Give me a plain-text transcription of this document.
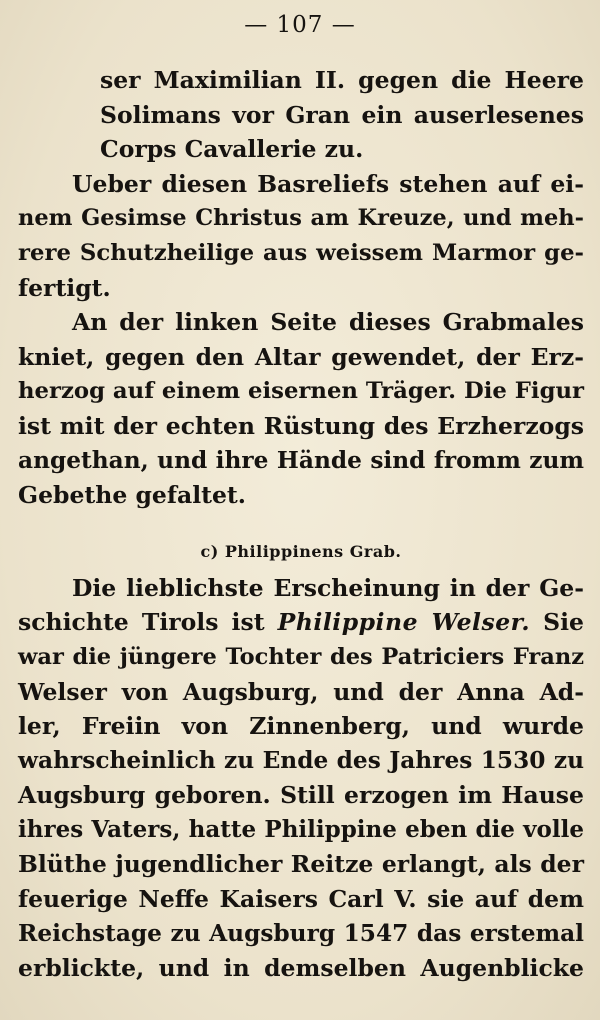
— 107 —
ser Maximilian II. gegen die Heere
Solimans vor Gran ein auserlesenes
Corps Cavallerie zu.
Ueber diesen Basreliefs stehen auf ei-
nem Gesimse Christus am Kreuze, und meh-
rere Schutzheilige aus weissem Marmor ge-
fertigt.
An der linken Seite dieses Grabmales
kniet, gegen den Altar gewendet, der Erz-
herzog auf einem eisernen Träger. Die Figur
ist mit der echten Rüstung des Erzherzogs
angethan, und ihre Hände sind fromm zum
Gebethe gefaltet.
c) Philippinens Grab.
Die lieblichste Erscheinung in der Ge-
schichte Tirols ist Philippine Welser. Sie
war die jüngere Tochter des Patriciers Franz
Welser von Augsburg, und der Anna Ad-
ler, Freiin von Zinnenberg, und wurde
wahrscheinlich zu Ende des Jahres 1530 zu
Augsburg geboren. Still erzogen im Hause
ihres Vaters, hatte Philippine eben die volle
Blüthe jugendlicher Reitze erlangt, als der
feuerige Neffe Kaisers Carl V. sie auf dem
Reichstage zu Augsburg 1547 das erstemal
erblickte, und in demselben Augenblicke
